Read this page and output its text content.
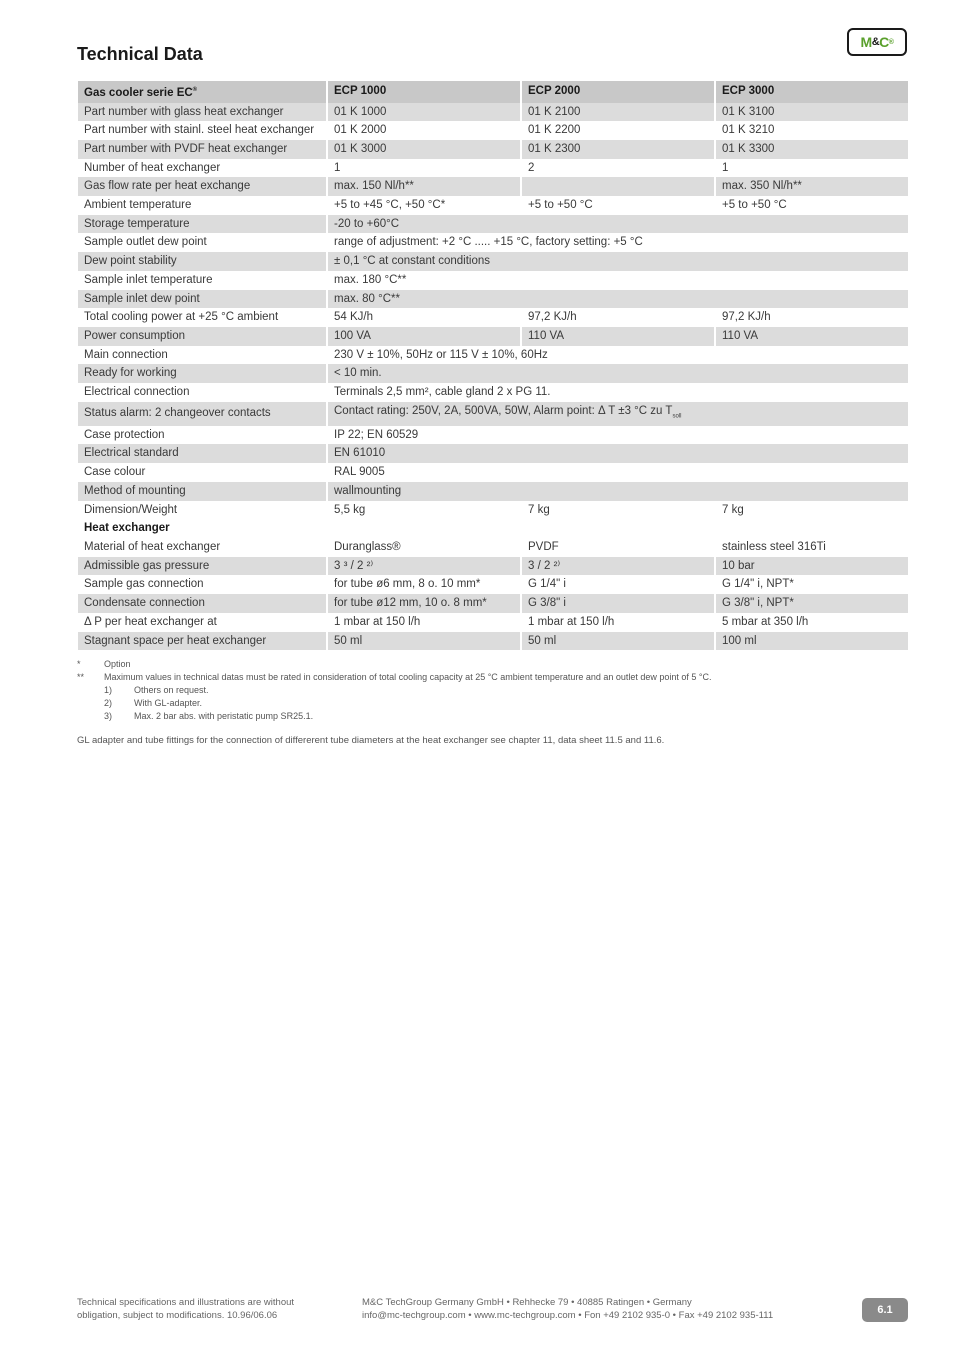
Technical Data
M & C ®
Gas cooler serie EC®	ECP 1000	ECP 2000	ECP 3000
Part number with glass heat exchanger	01 K 1000	01 K 2100	01 K 3100
Part number with stainl. steel heat exchanger	01 K 2000	01 K 2200	01 K 3210
Part number with PVDF heat exchanger	01 K 3000	01 K 2300	01 K 3300
Number of heat exchanger	1	2	1
Gas flow rate per heat exchange	max. 150 Nl/h**		max. 350 Nl/h**
Ambient temperature	+5 to +45 °C, +50 °C*	+5 to +50 °C	+5 to +50 °C
Storage temperature	-20 to +60°C		
Sample outlet dew point	range of adjustment: +2 °C ..... +15 °C, factory setting: +5 °C		
Dew point stability	± 0,1 °C at constant conditions		
Sample inlet temperature	max. 180 °C**		
Sample inlet dew point	max. 80 °C**		
Total cooling power at +25 °C ambient	54 KJ/h	97,2 KJ/h	97,2 KJ/h
Power consumption	100 VA	110 VA	110 VA
Main connection	230 V ± 10%, 50Hz or 115 V ± 10%, 60Hz		
Ready for working	< 10 min.		
Electrical connection	Terminals 2,5 mm², cable gland 2 x PG 11.		
Status alarm: 2 changeover contacts	Contact rating: 250V, 2A, 500VA, 50W, Alarm point: Δ T ±3 °C zu $T_{soll}$
Case protection	IP 22; EN 60529		
Electrical standard	EN 61010		
Case colour	RAL 9005		
Method of mounting	wallmounting		
Dimension/Weight	5,5 kg	7 kg	7 kg
Heat exchanger			
Material of heat exchanger	Duranglass®	PVDF	stainless steel 316Ti
Admissible gas pressure	3 ³ / 2 ²⁾	3 / 2 ²⁾	10 bar
Sample gas connection	for tube ø6 mm, 8 o. 10 mm*	G 1/4" i	G 1/4" i, NPT*
Condensate connection	for tube ø12 mm, 10 o. 8 mm*	G 3/8" i	G 3/8" i, NPT*
Δ P per heat exchanger at	1 mbar at 150 l/h	1 mbar at 150 l/h	5 mbar at 350 l/h
Stagnant space per heat exchanger	50 ml	50 ml	100 ml
*	Option
** Maximum values in technical datas must be rated in consideration of total cooling capacity at 25 °C ambient temperature and an outlet dew point of 5 °C.
1) Others on request.
2) With GL-adapter.
3) Max. 2 bar abs. with peristatic pump SR25.1.
GL adapter and tube fittings for the connection of differerent tube diameters at the heat exchanger see chapter 11, data sheet 11.5 and 11.6.
Technical specifications and illustrations are without
obligation, subject to modifications. 10.96/06.06
M&C TechGroup Germany GmbH • Rehhecke 79 • 40885 Ratingen • Germany
info@mc-techgroup.com • www.mc-techgroup.com • Fon +49 2102 935-0 • Fax +49 2102 935-111	6.1
